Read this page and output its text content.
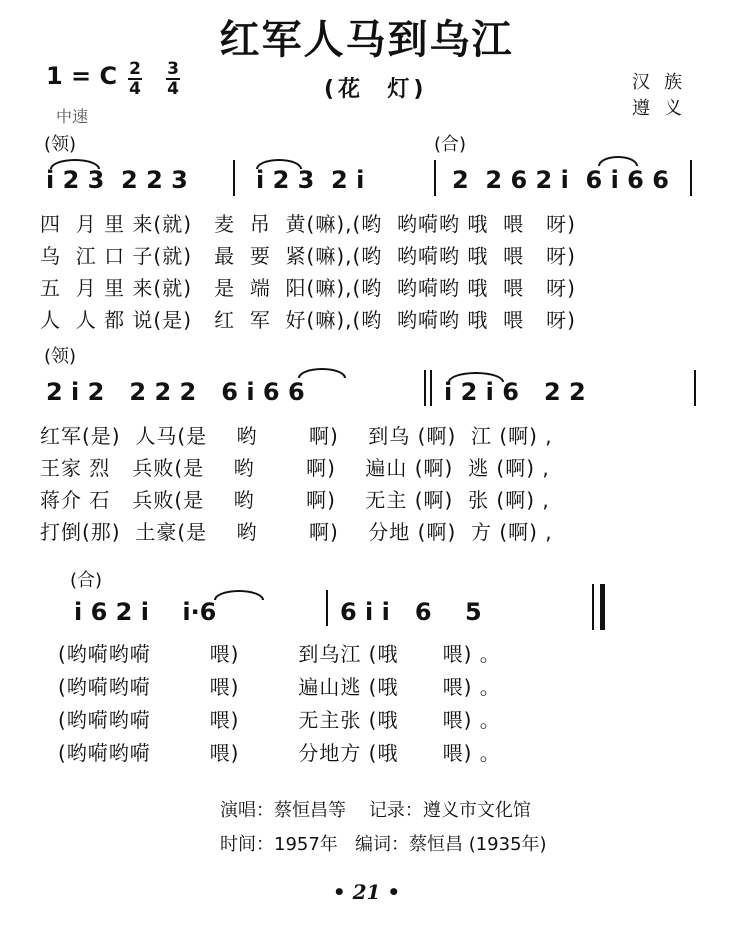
红军人马到乌江
1 = C 2
4
3
4	(花  灯)	汉族
遵义
中速
(领)	(合)
i 2 3  2 2 3	i 2 3  2 i	2  2 6 2 i  6 i 6 6
四  月 里 来(就)   麦  吊  黄(嘛),(哟  哟嗬哟 哦  喂   呀)
乌  江 口 子(就)   最  要  紧(嘛),(哟  哟嗬哟 哦  喂   呀)
五  月 里 来(就)   是  端  阳(嘛),(哟  哟嗬哟 哦  喂   呀)
人  人 都 说(是)   红  军  好(嘛),(哟  哟嗬哟 哦  喂   呀)
(领)
2 i 2   2 2 2   6 i 6 6	i 2 i 6   2 2
红军(是)  人马(是    哟       啊)    到乌 (啊)  江 (啊) ,
王家 烈   兵败(是    哟       啊)    遍山 (啊)  逃 (啊) ,
蒋介 石   兵败(是    哟       啊)    无主 (啊)  张 (啊) ,
打倒(那)  土豪(是    哟       啊)    分地 (啊)  方 (啊) ,
(合)
i 6 2 i    i·6	6 i i   6    5
(哟嗬哟嗬        喂)        到乌江 (哦      喂) 。
(哟嗬哟嗬        喂)        遍山逃 (哦      喂) 。
(哟嗬哟嗬        喂)        无主张 (哦      喂) 。
(哟嗬哟嗬        喂)        分地方 (哦      喂) 。
演唱：蔡恒昌等    记录：遵义市文化馆
时间：1957年   编词：蔡恒昌 (1935年)
• 21 •
